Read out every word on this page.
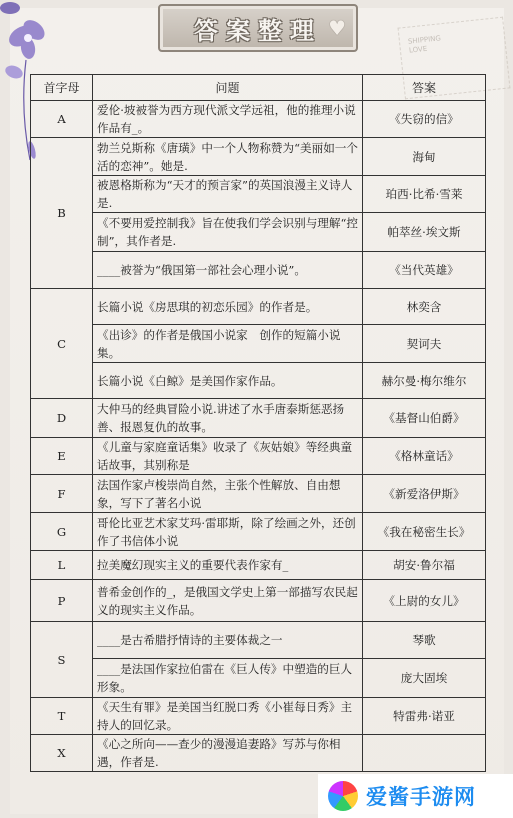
SHIPPING
LOVE
答案整理 ♥
首字母	问题	答案
A	爱伦·坡被誉为西方现代派文学远祖，他的推理小说作品有_。	《失窃的信》
B	勃兰兑斯称《唐璜》中一个人物称赞为“美丽如一个活的恋神”。她是.	海甸
	被恩格斯称为“天才的预言家”的英国浪漫主义诗人是.	珀西·比希·雪莱
	《不要用爱控制我》旨在使我们学会识别与理解“控制”，其作者是.	帕萃丝·埃文斯
	____被誉为“俄国第一部社会心理小说”。	《当代英雄》
C	长篇小说《房思琪的初恋乐园》的作者是。	林奕含
	《出诊》的作者是俄国小说家　创作的短篇小说集。	契诃夫
	长篇小说《白鲸》是美国作家作品。	赫尔曼·梅尔维尔
D	大仲马的经典冒险小说.讲述了水手唐泰斯惩恶扬善、报恩复仇的故事。	《基督山伯爵》
E	《儿童与家庭童话集》收录了《灰姑娘》等经典童话故事，其别称是	《格林童话》
F	法国作家卢梭崇尚自然，主张个性解放、自由想象，写下了著名小说	《新爱洛伊斯》
G	哥伦比亚艺术家艾玛·雷耶斯，除了绘画之外，还创作了书信体小说	《我在秘密生长》
L	拉美魔幻现实主义的重要代表作家有_	胡安·鲁尔福
P	普希金创作的_，是俄国文学史上第一部描写农民起义的现实主义作品。	《上尉的女儿》
S	____是古希腊抒情诗的主要体裁之一	琴歌
	____是法国作家拉伯雷在《巨人传》中塑造的巨人形象。	庞大固埃
T	《天生有罪》是美国当红脱口秀《小崔每日秀》主持人的回忆录。	特雷弗·诺亚
X	《心之所向——查少的漫漫追妻路》写苏与你相遇，作者是.	
爱酱手游网
